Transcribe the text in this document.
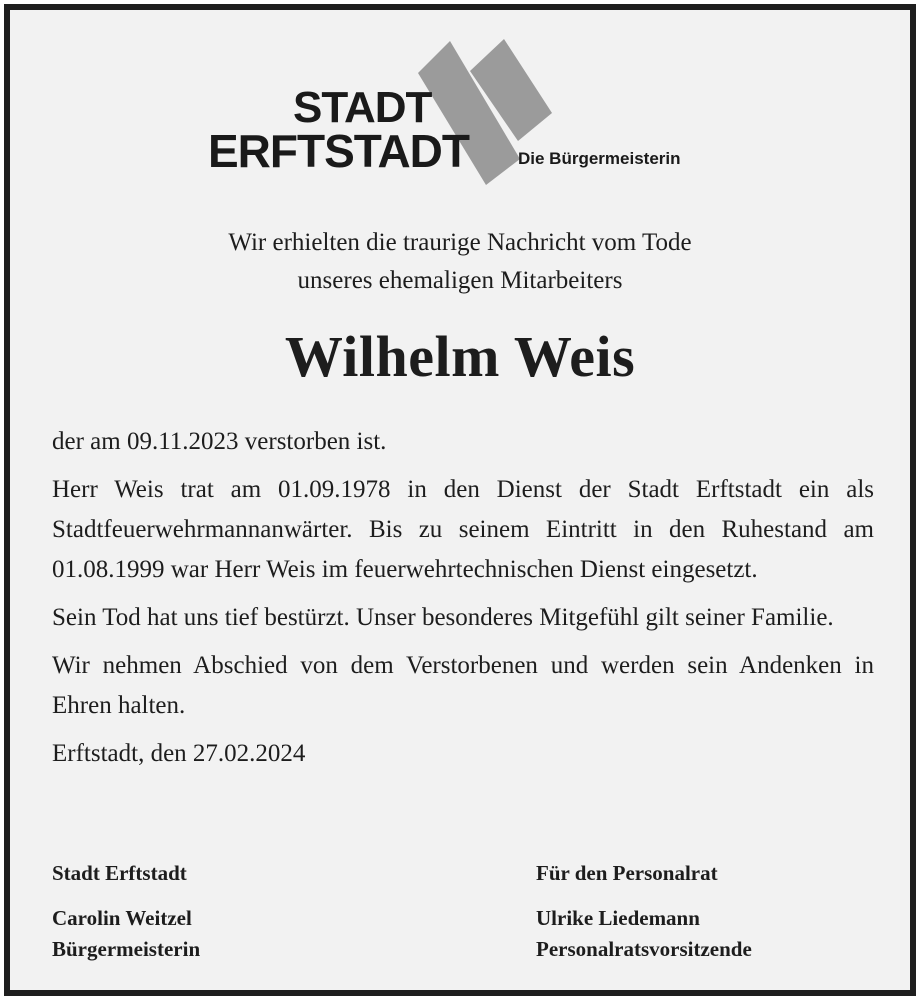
STADT
ERFTSTADT	Die Bürgermeisterin
Wir erhielten die traurige Nachricht vom Tode
unseres ehemaligen Mitarbeiters
Wilhelm Weis

der am 09.11.2023 verstorben ist.

Herr Weis trat am 01.09.1978 in den Dienst der Stadt Erftstadt ein als Stadtfeuerwehrmannanwärter. Bis zu seinem Eintritt in den Ruhestand am 01.08.1999 war Herr Weis im feuerwehrtechnischen Dienst eingesetzt.

Sein Tod hat uns tief bestürzt. Unser besonderes Mitgefühl gilt seiner Familie.

Wir nehmen Abschied von dem Verstorbenen und werden sein Andenken in Ehren halten.

Erftstadt, den 27.02.2024

Stadt Erftstadt
Carolin Weitzel
Bürgermeisterin
Für den Personalrat
Ulrike Liedemann
Personalratsvorsitzende
